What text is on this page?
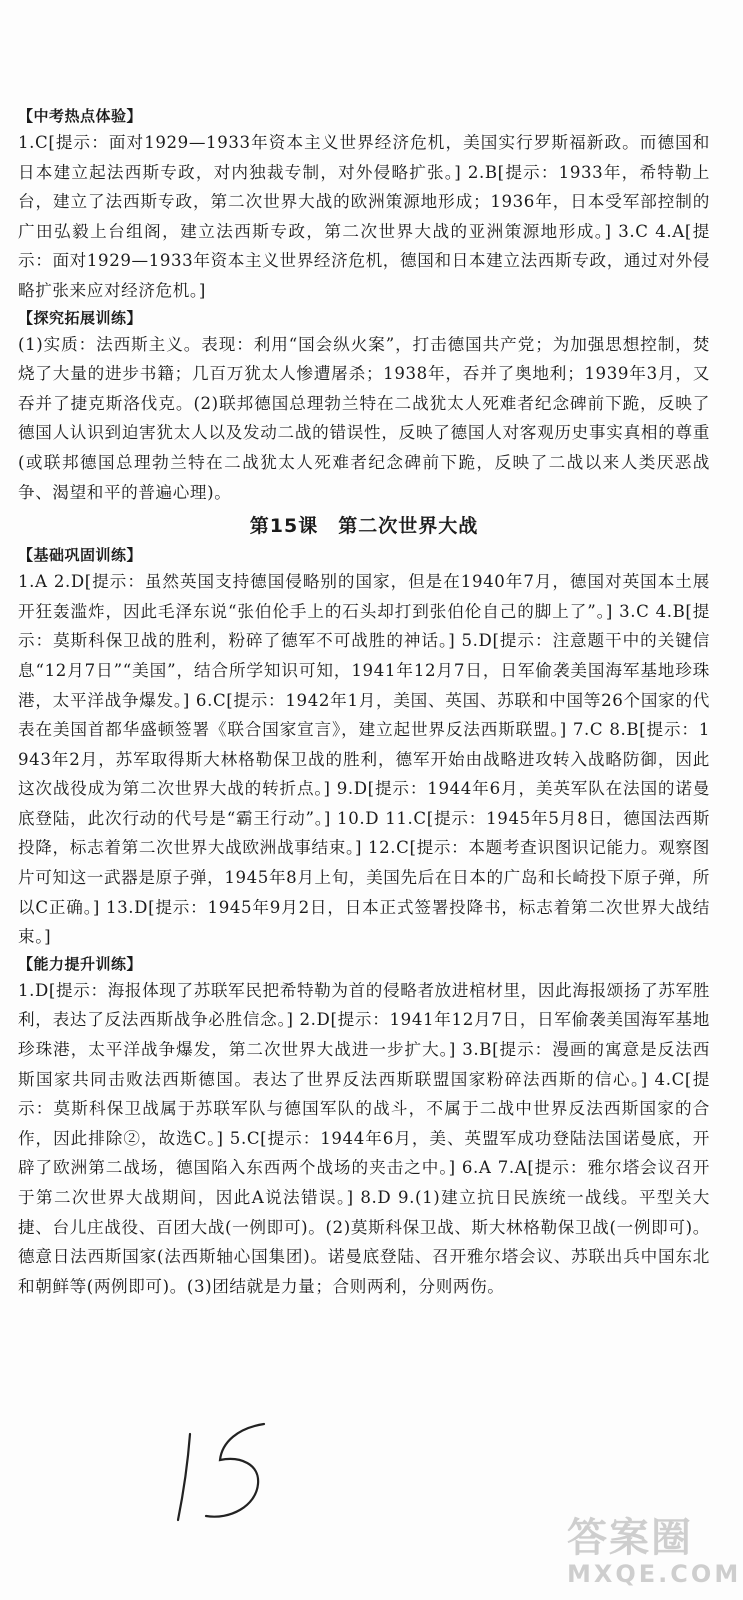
【中考热点体验】

1.C[提示：面对1929—1933年资本主义世界经济危机，美国实行罗斯福新政。而德国和日本建立起法西斯专政，对内独裁专制，对外侵略扩张。] 2.B[提示：1933年，希特勒上台，建立了法西斯专政，第二次世界大战的欧洲策源地形成；1936年，日本受军部控制的广田弘毅上台组阁，建立法西斯专政，第二次世界大战的亚洲策源地形成。] 3.C 4.A[提示：面对1929—1933年资本主义世界经济危机，德国和日本建立法西斯专政，通过对外侵略扩张来应对经济危机。]

【探究拓展训练】

(1)实质：法西斯主义。表现：利用“国会纵火案”，打击德国共产党；为加强思想控制，焚烧了大量的进步书籍；几百万犹太人惨遭屠杀；1938年，吞并了奥地利；1939年3月，又吞并了捷克斯洛伐克。(2)联邦德国总理勃兰特在二战犹太人死难者纪念碑前下跪，反映了德国人认识到迫害犹太人以及发动二战的错误性，反映了德国人对客观历史事实真相的尊重(或联邦德国总理勃兰特在二战犹太人死难者纪念碑前下跪，反映了二战以来人类厌恶战争、渴望和平的普遍心理)。

第15课　第二次世界大战
【基础巩固训练】

1.A 2.D[提示：虽然英国支持德国侵略别的国家，但是在1940年7月，德国对英国本土展开狂轰滥炸，因此毛泽东说“张伯伦手上的石头却打到张伯伦自己的脚上了”。] 3.C 4.B[提示：莫斯科保卫战的胜利，粉碎了德军不可战胜的神话。] 5.D[提示：注意题干中的关键信息“12月7日”“美国”，结合所学知识可知，1941年12月7日，日军偷袭美国海军基地珍珠港，太平洋战争爆发。] 6.C[提示：1942年1月，美国、英国、苏联和中国等26个国家的代表在美国首都华盛顿签署《联合国家宣言》，建立起世界反法西斯联盟。] 7.C 8.B[提示：1943年2月，苏军取得斯大林格勒保卫战的胜利，德军开始由战略进攻转入战略防御，因此这次战役成为第二次世界大战的转折点。] 9.D[提示：1944年6月，美英军队在法国的诺曼底登陆，此次行动的代号是“霸王行动”。] 10.D 11.C[提示：1945年5月8日，德国法西斯投降，标志着第二次世界大战欧洲战事结束。] 12.C[提示：本题考查识图识记能力。观察图片可知这一武器是原子弹，1945年8月上旬，美国先后在日本的广岛和长崎投下原子弹，所以C正确。] 13.D[提示：1945年9月2日，日本正式签署投降书，标志着第二次世界大战结束。]

【能力提升训练】

1.D[提示：海报体现了苏联军民把希特勒为首的侵略者放进棺材里，因此海报颂扬了苏军胜利，表达了反法西斯战争必胜信念。] 2.D[提示：1941年12月7日，日军偷袭美国海军基地珍珠港，太平洋战争爆发，第二次世界大战进一步扩大。] 3.B[提示：漫画的寓意是反法西斯国家共同击败法西斯德国。表达了世界反法西斯联盟国家粉碎法西斯的信心。] 4.C[提示：莫斯科保卫战属于苏联军队与德国军队的战斗，不属于二战中世界反法西斯国家的合作，因此排除②，故选C。] 5.C[提示：1944年6月，美、英盟军成功登陆法国诺曼底，开辟了欧洲第二战场，德国陷入东西两个战场的夹击之中。] 6.A 7.A[提示：雅尔塔会议召开于第二次世界大战期间，因此A说法错误。] 8.D 9.(1)建立抗日民族统一战线。平型关大捷、台儿庄战役、百团大战(一例即可)。(2)莫斯科保卫战、斯大林格勒保卫战(一例即可)。德意日法西斯国家(法西斯轴心国集团)。诺曼底登陆、召开雅尔塔会议、苏联出兵中国东北和朝鲜等(两例即可)。(3)团结就是力量；合则两利，分则两伤。

答案圈
MXQE.COM
